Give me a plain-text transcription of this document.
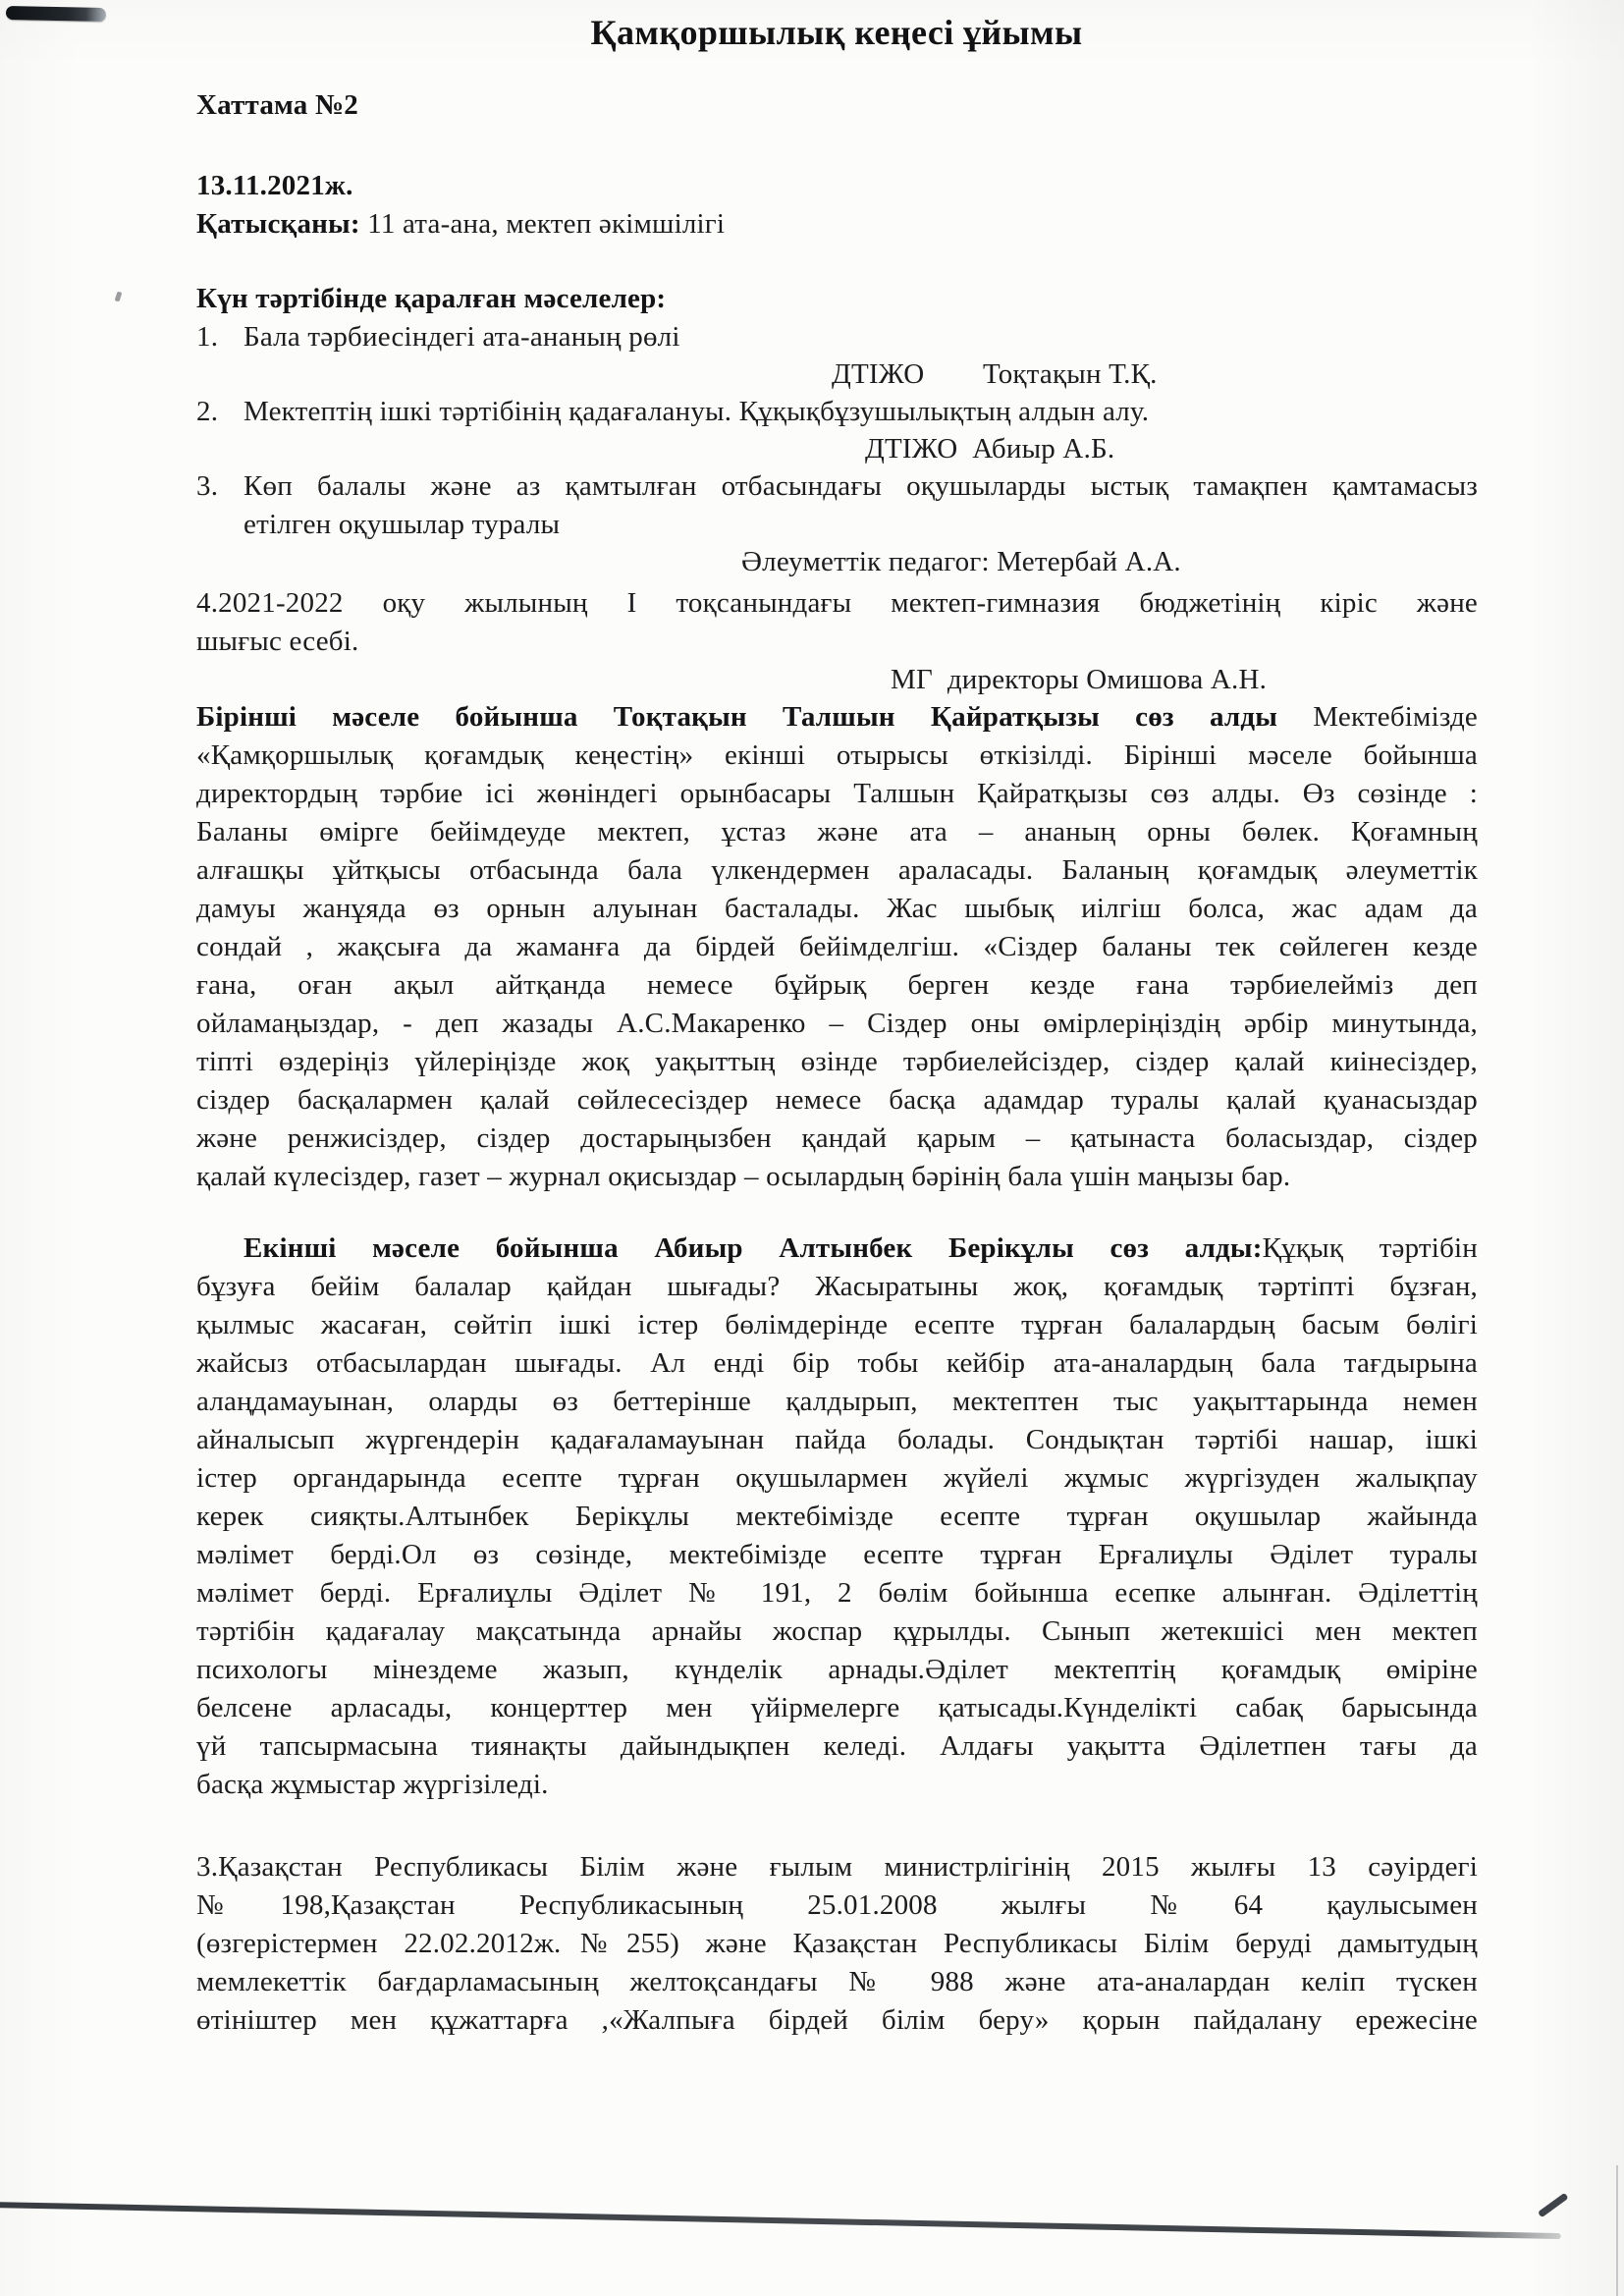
Қамқоршылық кеңесі ұйымы
Хаттама №2
13.11.2021ж.
Қатысқаны: 11 ата-ана, мектеп әкімшілігі
Күн тәртібінде қаралған мәселелер:
1. Бала тәрбиесіндегі ата-ананың рөлі
ДТІЖО        Тоқтақын Т.Қ.
2. Мектептің ішкі тәртібінің қадағалануы. Құқықбұзушылықтың алдын алу.
ДТІЖО  Абиыр А.Б.
3. Көп балалы және аз қамтылған отбасындағы оқушыларды ыстық тамақпен қамтамасыз
етілген оқушылар туралы
Әлеуметтік педагог: Метербай А.А.
4.2021-2022 оқу жылының I тоқсанындағы мектеп-гимназия бюджетінің кіріс және
шығыс есебі.
МГ  директоры Омишова А.Н.
Бірінші мәселе бойынша Тоқтақын Талшын Қайратқызы сөз алды Мектебімізде
«Қамқоршылық қоғамдық кеңестің» екінші отырысы өткізілді. Бірінші мәселе бойынша
директордың тәрбие ісі жөніндегі орынбасары Талшын Қайратқызы сөз алды. Өз сөзінде :
Баланы өмірге бейімдеуде мектеп, ұстаз және ата – ананың орны бөлек. Қоғамның
алғашқы ұйтқысы отбасында бала үлкендермен араласады. Баланың қоғамдық әлеуметтік
дамуы жанұяда өз орнын алуынан басталады. Жас шыбық иілгіш болса, жас адам да
сондай , жақсыға да жаманға да бірдей бейімделгіш. «Сіздер баланы тек сөйлеген кезде
ғана, оған ақыл айтқанда немесе бұйрық берген кезде ғана тәрбиелейміз деп
ойламаңыздар, - деп жазады А.С.Макаренко – Сіздер оны өмірлеріңіздің әрбір минутында,
тіпті өздеріңіз үйлеріңізде жоқ уақыттың өзінде тәрбиелейсіздер, сіздер қалай киінесіздер,
сіздер басқалармен қалай сөйлесесіздер немесе басқа адамдар туралы қалай қуанасыздар
және ренжисіздер, сіздер достарыңызбен қандай қарым – қатынаста боласыздар, сіздер
қалай күлесіздер, газет – журнал оқисыздар – осылардың бәрінің бала үшін маңызы бар.
Екінші мәселе бойынша Абиыр Алтынбек Берікұлы сөз алды:Құқық тәртібін
бұзуға бейім балалар қайдан шығады? Жасыратыны жоқ, қоғамдық тәртіпті бұзған,
қылмыс жасаған, сөйтіп ішкі істер бөлімдерінде есепте тұрған балалардың басым бөлігі
жайсыз отбасылардан шығады. Ал енді бір тобы кейбір ата-аналардың бала тағдырына
алаңдамауынан, оларды өз беттерінше қалдырып, мектептен тыс уақыттарында немен
айналысып жүргендерін қадағаламауынан пайда болады. Сондықтан тәртібі нашар, ішкі
істер органдарында есепте тұрған оқушылармен жүйелі жұмыс жүргізуден жалықпау
керек сияқты.Алтынбек Берікұлы мектебімізде есепте тұрған оқушылар жайында
мәлімет берді.Ол өз сөзінде, мектебімізде есепте тұрған Ерғалиұлы Әділет туралы
мәлімет берді. Ерғалиұлы Әділет № 191, 2 бөлім бойынша есепке алынған. Әділеттің
тәртібін қадағалау мақсатында арнайы жоспар құрылды. Сынып жетекшісі мен мектеп
психологы мінездеме жазып, күнделік арнады.Әділет мектептің қоғамдық өміріне
белсене арласады, концерттер мен үйірмелерге қатысады.Күнделікті сабақ барысында
үй тапсырмасына тиянақты дайындықпен келеді. Алдағы уақытта Әділетпен тағы да
басқа жұмыстар жүргізіледі.
3.Қазақстан Республикасы Білім және ғылым министрлігінің 2015 жылғы 13 сәуірдегі
№198,Қазақстан Республикасының 25.01.2008 жылғы №64 қаулысымен
(өзгерістермен 22.02.2012ж.№255) және Қазақстан Республикасы Білім беруді дамытудың
мемлекеттік бағдарламасының желтоқсандағы № 988 және ата-аналардан келіп түскен
өтініштер мен құжаттарға ,«Жалпыға бірдей білім беру» қорын пайдалану ережесіне
